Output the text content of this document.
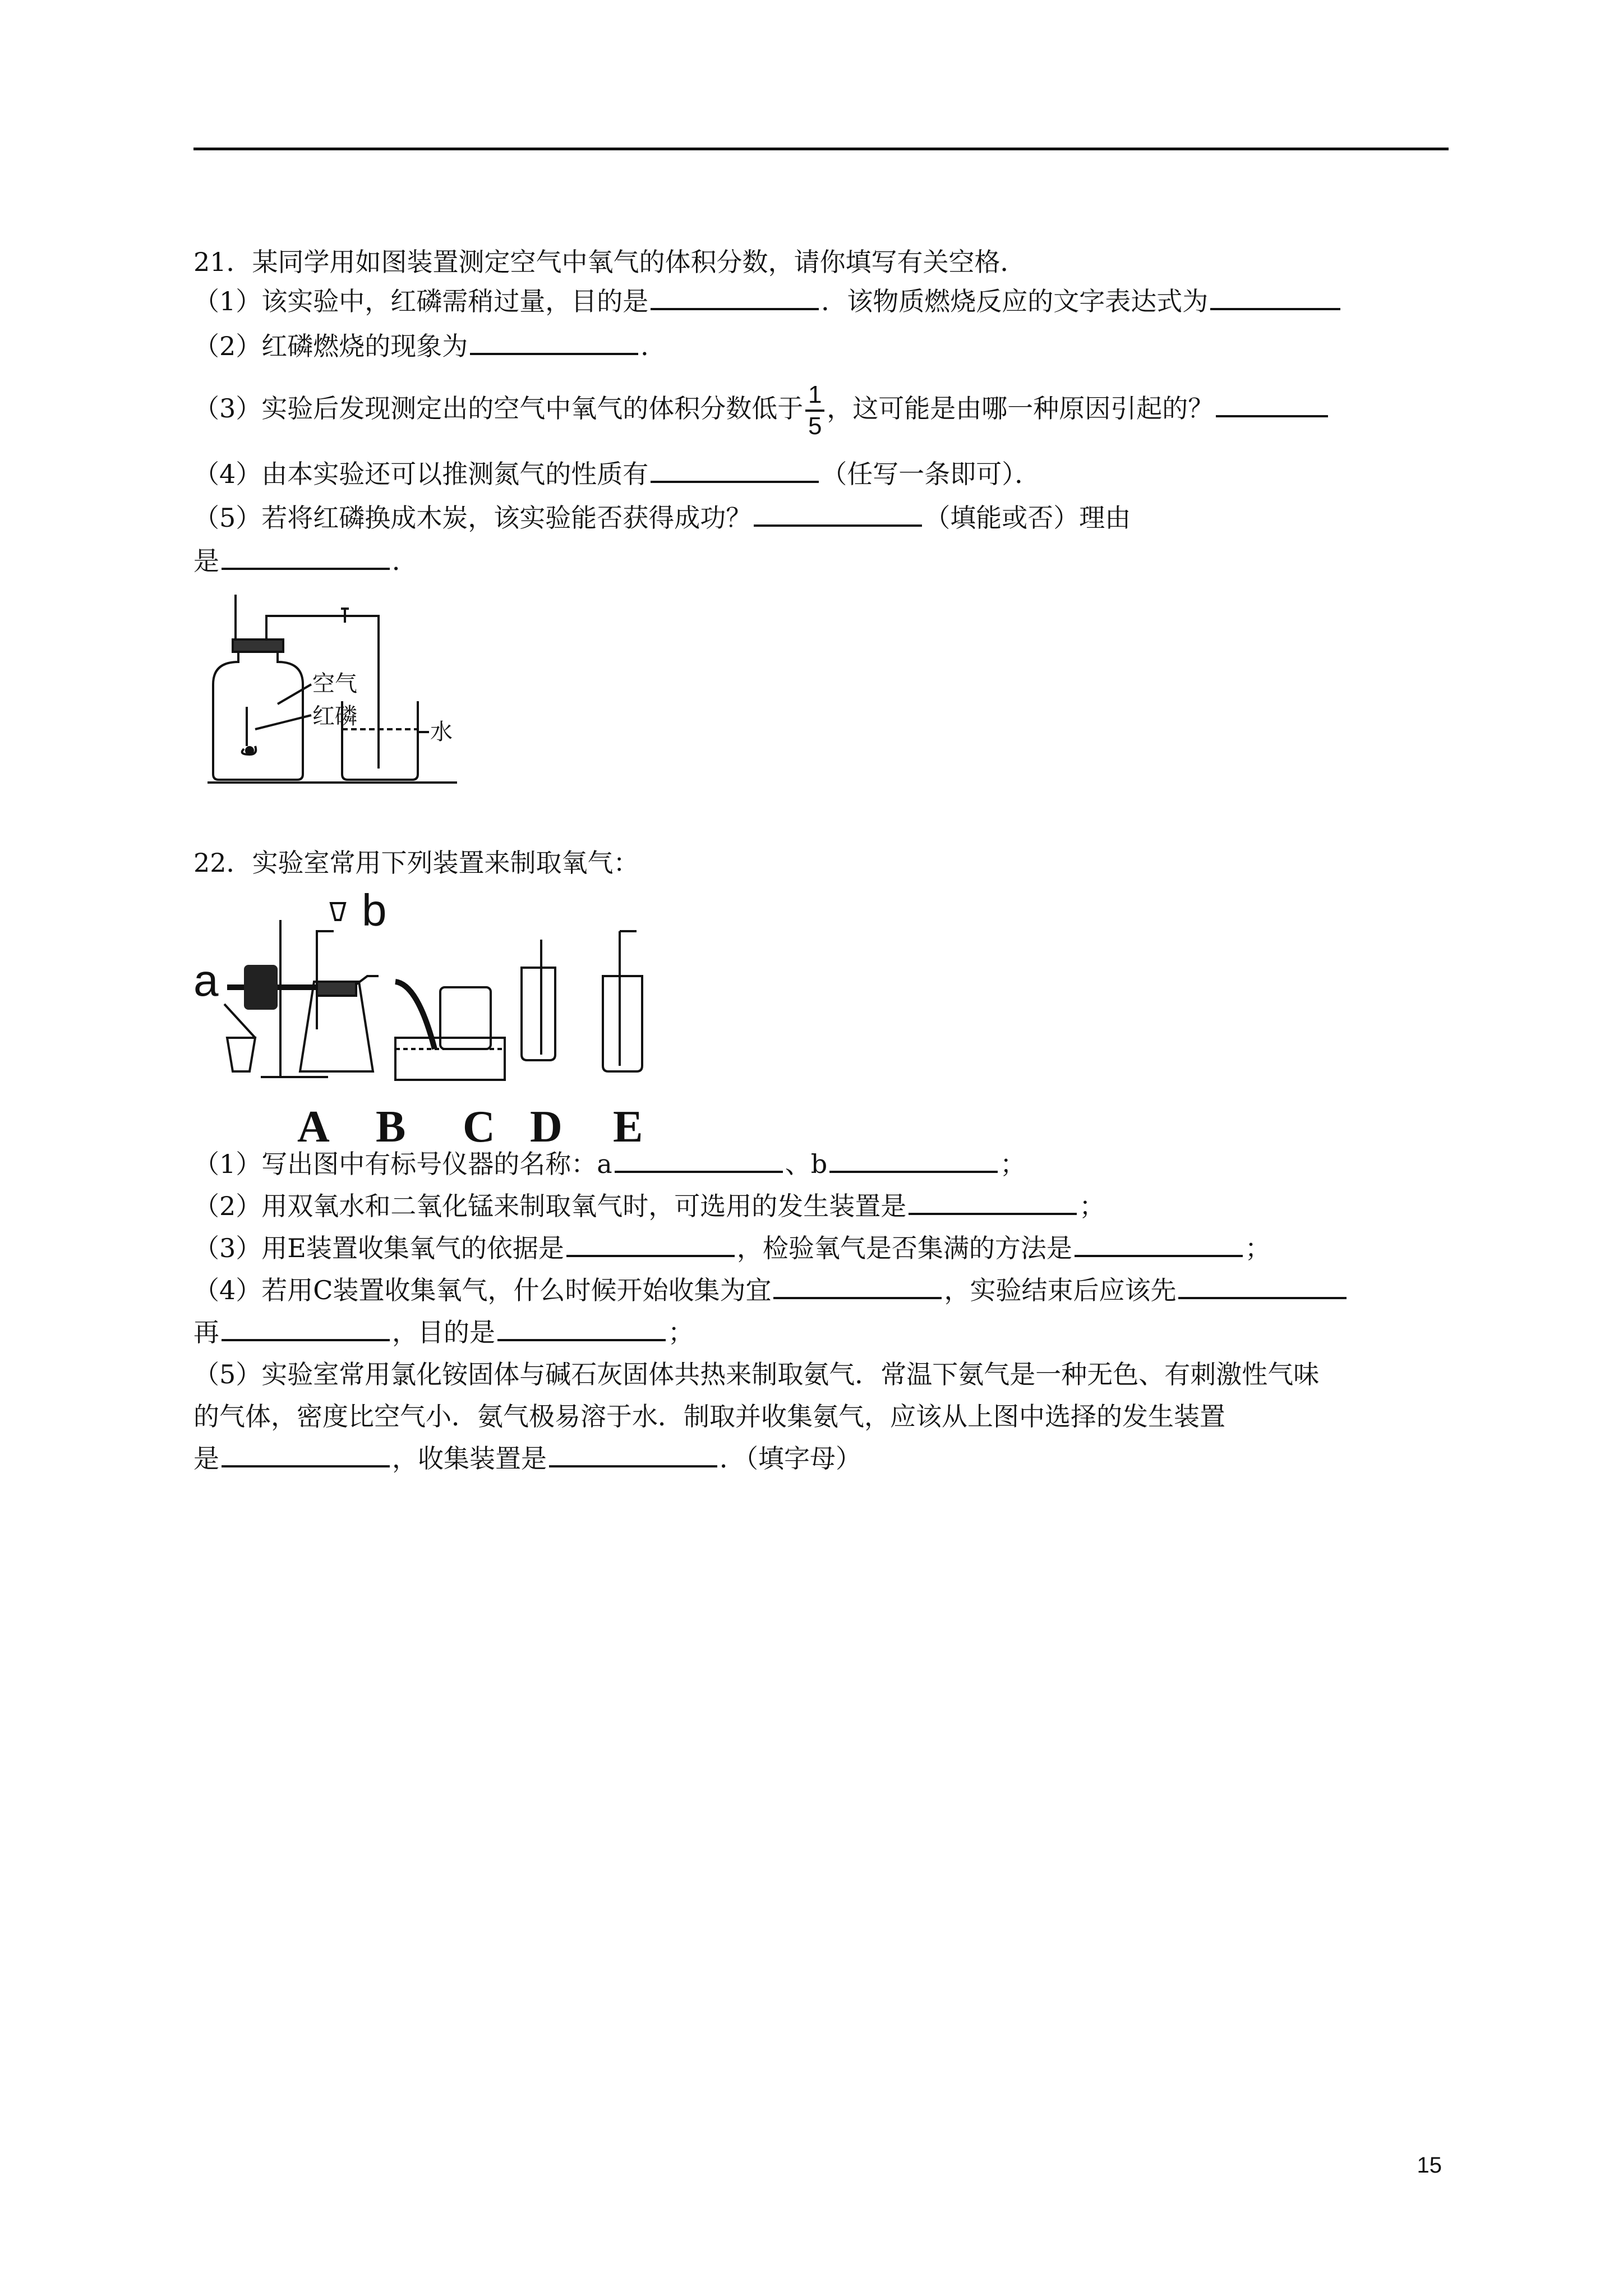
21．某同学用如图装置测定空气中氧气的体积分数，请你填写有关空格．
（1）该实验中，红磷需稍过量，目的是	．该物质燃烧反应的文字表达式为
（2）红磷燃烧的现象为	．
（3）实验后发现测定出的空气中氧气的体积分数低于 $\frac{1}{5}$ ，这可能是由哪一种原因引起的？
（4）由本实验还可以推测氮气的性质有	（任写一条即可）．
（5）若将红磷换成木炭，该实验能否获得成功？	（填能或否）理由
是	．
空气
红磷
水
22．实验室常用下列装置来制取氧气：
a
b
A B C D E
（1）写出图中有标号仪器的名称：a	、b	；
（2）用双氧水和二氧化锰来制取氧气时，可选用的发生装置是	；
（3）用E装置收集氧气的依据是	，检验氧气是否集满的方法是	；
（4）若用C装置收集氧气，什么时候开始收集为宜	，实验结束后应该先
再	，目的是	；
（5）实验室常用氯化铵固体与碱石灰固体共热来制取氨气．常温下氨气是一种无色、有刺激性气味
的气体，密度比空气小．氨气极易溶于水．制取并收集氨气，应该从上图中选择的发生装置
是	，收集装置是	．（填字母）
15
